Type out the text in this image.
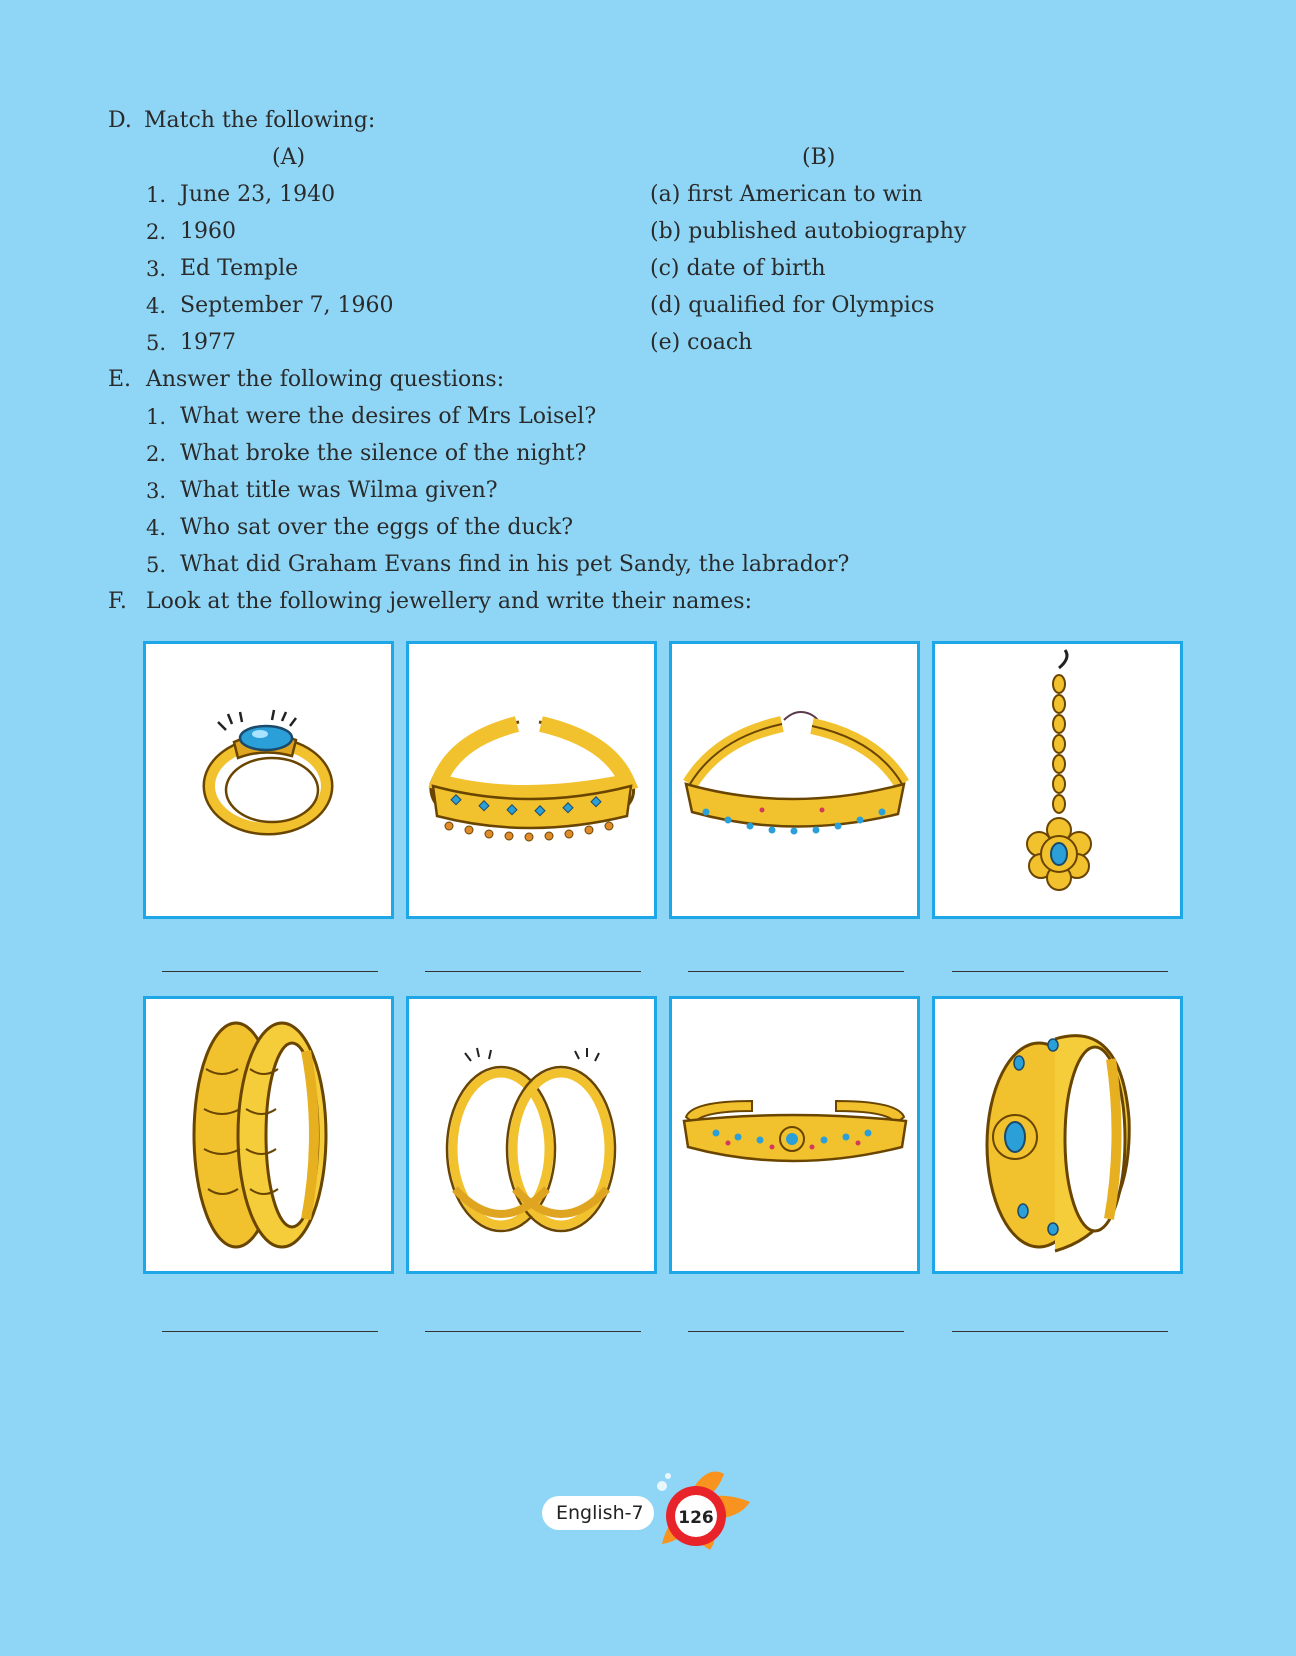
D. Match the following:
(A)	(B)
1. June 23, 1940
2. 1960
3. Ed Temple
4. September 7, 1960
5. 1977
(a) first American to win
(b) published autobiography
(c) date of birth
(d) qualified for Olympics
(e) coach
E. Answer the following questions:
1. What were the desires of Mrs Loisel?
2. What broke the silence of the night?
3. What title was Wilma given?
4. Who sat over the eggs of the duck?
5. What did Graham Evans find in his pet Sandy, the labrador?
F. Look at the following jewellery and write their names:
English-7 126
